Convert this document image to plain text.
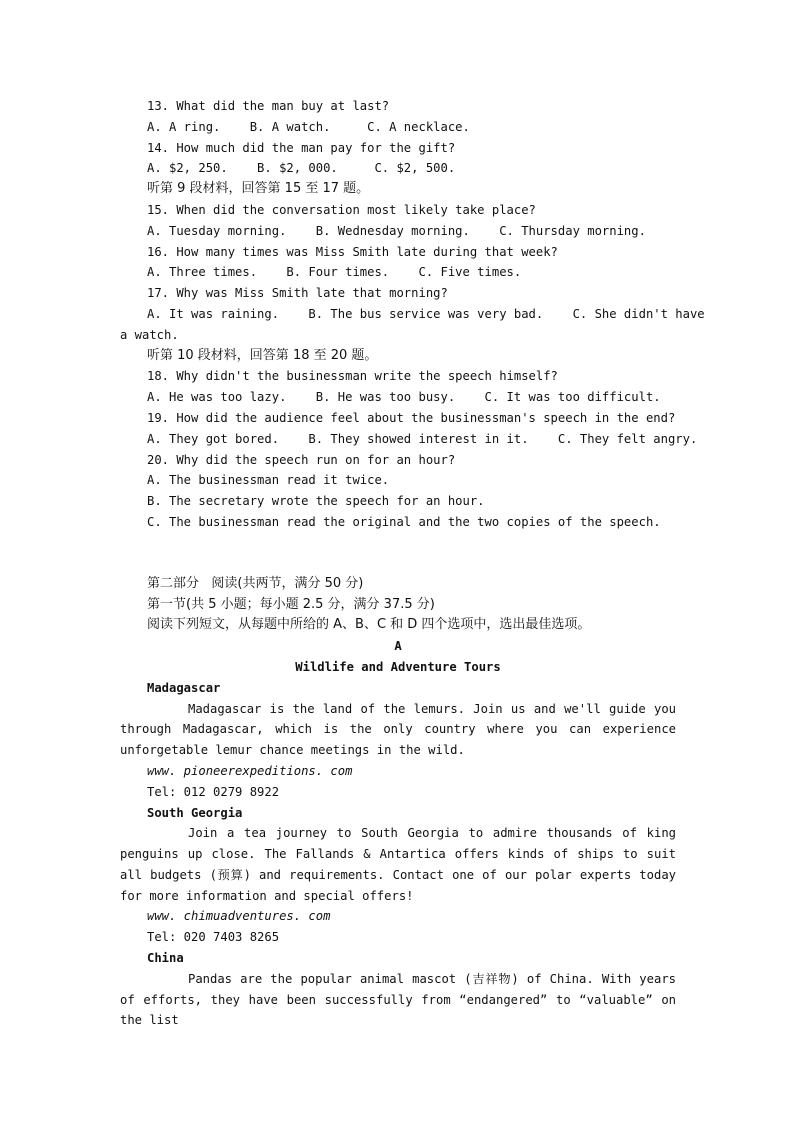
13. What did the man buy at last?

A. A ring.    B. A watch.     C. A necklace.

14. How much did the man pay for the gift?

A. $2, 250.    B. $2, 000.     C. $2, 500.

听第 9 段材料，回答第 15 至 17 题。

15. When did the conversation most likely take place?

A. Tuesday morning.    B. Wednesday morning.    C. Thursday morning.

16. How many times was Miss Smith late during that week?

A. Three times.    B. Four times.    C. Five times.

17. Why was Miss Smith late that morning?

A. It was raining.    B. The bus service was very bad.    C. She didn't have

a watch.

听第 10 段材料，回答第 18 至 20 题。

18. Why didn't the businessman write the speech himself?

A. He was too lazy.    B. He was too busy.    C. It was too difficult.

19. How did the audience feel about the businessman's speech in the end?

A. They got bored.    B. They showed interest in it.    C. They felt angry.

20. Why did the speech run on for an hour?

A. The businessman read it twice.

B. The secretary wrote the speech for an hour.

C. The businessman read the original and the two copies of the speech.

第二部分   阅读(共两节，满分 50 分)

第一节(共 5 小题；每小题 2.5 分，满分 37.5 分)

阅读下列短文，从每题中所给的 A、B、C 和 D 四个选项中，选出最佳选项。

A

Wildlife and Adventure Tours

Madagascar

Madagascar is the land of the lemurs. Join us and we'll guide you through Madagascar, which is the only country where you can experience unforgetable lemur chance meetings in the wild.

www. pioneerexpeditions. com

Tel: 012 0279 8922

South Georgia

Join a tea journey to South Georgia to admire thousands of king penguins up close. The Fallands & Antartica offers kinds of ships to suit all budgets (预算) and requirements. Contact one of our polar experts today for more information and special offers!

www. chimuadventures. com

Tel: 020 7403 8265

China

Pandas are the popular animal mascot (吉祥物) of China. With years of efforts, they have been successfully from “endangered” to “valuable” on the list
